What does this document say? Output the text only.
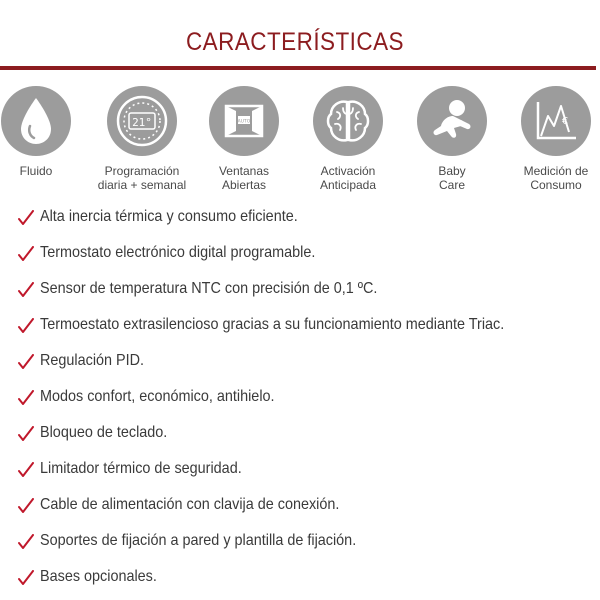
CARACTERÍSTICAS
Fluido
21°
Programación
diaria + semanal
AUTO
Ventanas
Abiertas
Activación
Anticipada
Baby
Care
€
Medición de
Consumo
Alta inercia térmica y consumo eficiente.
Termostato electrónico digital programable.
Sensor de temperatura NTC con precisión de 0,1 ºC.
Termoestato extrasilencioso gracias a su funcionamiento mediante Triac.
Regulación PID.
Modos confort, económico, antihielo.
Bloqueo de teclado.
Limitador térmico de seguridad.
Cable de alimentación con clavija de conexión.
Soportes de fijación a pared y plantilla de fijación.
Bases opcionales.
